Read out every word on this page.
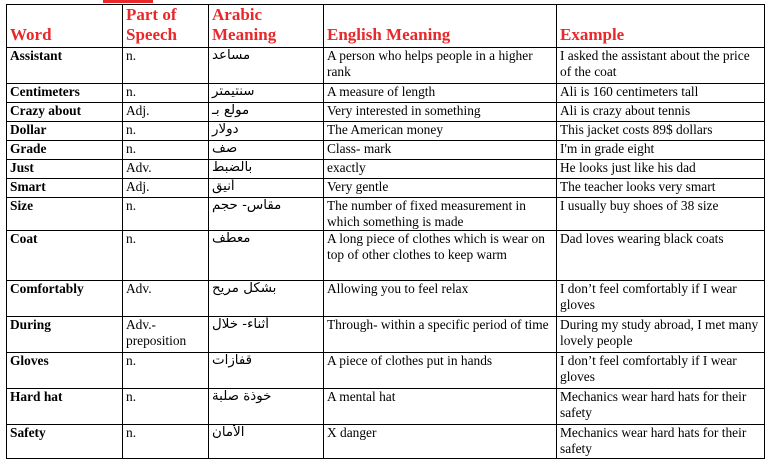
Word	Part of Speech	Arabic Meaning	English Meaning	Example
Assistant	n.	مساعد	A person who helps people in a higher rank	I asked the assistant about the price of the coat
Centimeters	n.	سنتيمتر	A measure of length	Ali is 160 centimeters tall
Crazy about	Adj.	مولع بـ	Very interested in something	Ali is crazy about tennis
Dollar	n.	دولار	The American money	This jacket costs 89$ dollars
Grade	n.	صف	Class- mark	I'm in grade eight
Just	Adv.	بالضبط	exactly	He looks just like his dad
Smart	Adj.	أنيق	Very gentle	The teacher looks very smart
Size	n.	مقاس- حجم	The number of fixed measurement in which something is made	I usually buy shoes of 38 size
Coat	n.	معطف	A long piece of clothes which is wear on top of other clothes to keep warm	Dad loves wearing black coats
Comfortably	Adv.	بشكل مريح	Allowing you to feel relax	I don’t feel comfortably if I wear gloves
During	Adv.-preposition	أثناء- خلال	Through- within a specific period of time	During my study abroad, I met many lovely people
Gloves	n.	قفازات	A piece of clothes put in hands	I don’t feel comfortably if I wear gloves
Hard hat	n.	خوذة صلبة	A mental hat	Mechanics wear hard hats for their safety
Safety	n.	الأمان	X danger	Mechanics wear hard hats for their safety
